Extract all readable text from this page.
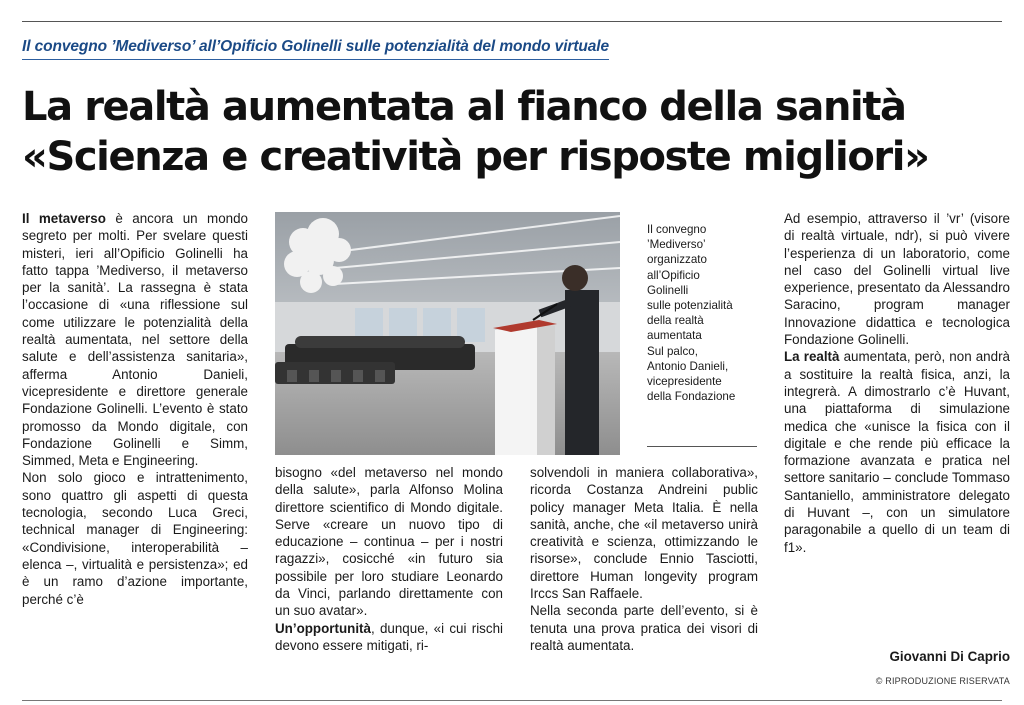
Il convegno ’Mediverso’ all’Opificio Golinelli sulle potenzialità del mondo virtuale
La realtà aumentata al fianco della sanità
«Scienza e creatività per risposte migliori»

Il metaverso è ancora un mondo segreto per molti. Per svelare questi misteri, ieri all’Opificio Golinelli ha fatto tappa ’Mediverso, il metaverso per la sanità’. La rassegna è stata l’occasione di «una riflessione sul come utilizzare le potenzialità della realtà aumentata, nel settore della salute e dell’assistenza sanitaria», afferma Antonio Danieli, vicepresidente e direttore generale Fondazione Golinelli. L’evento è stato promosso da Mondo digitale, con Fondazione Golinelli e Simm, Simmed, Meta e Engineering.

Non solo gioco e intrattenimento, sono quattro gli aspetti di questa tecnologia, secondo Luca Greci, technical manager di Engineering: «Condivisione, interoperabilità – elenca –, virtualità e persistenza»; ed è un ramo d’azione importante, perché c’è

Il convegno
’Mediverso’
organizzato
all’Opificio
Golinelli
sulle potenzialità
della realtà
aumentata
Sul palco,
Antonio Danieli,
vicepresidente
della Fondazione

bisogno «del metaverso nel mondo della salute», parla Alfonso Molina direttore scientifico di Mondo digitale. Serve «creare un nuovo tipo di educazione – continua – per i nostri ragazzi», cosicché «in futuro sia possibile per loro studiare Leonardo da Vinci, parlando direttamente con un suo avatar».

Un’opportunità, dunque, «i cui rischi devono essere mitigati, ri-

solvendoli in maniera collaborativa», ricorda Costanza Andreini public policy manager Meta Italia. È nella sanità, anche, che «il metaverso unirà creatività e scienza, ottimizzando le risorse», conclude Ennio Tasciotti, direttore Human longevity program Irccs San Raffaele.

Nella seconda parte dell’evento, si è tenuta una prova pratica dei visori di realtà aumentata.

Ad esempio, attraverso il ’vr’ (visore di realtà virtuale, ndr), si può vivere l’esperienza di un laboratorio, come nel caso del Golinelli virtual live experience, presentato da Alessandro Saracino, program manager Innovazione didattica e tecnologica Fondazione Golinelli.

La realtà aumentata, però, non andrà a sostituire la realtà fisica, anzi, la integrerà. A dimostrarlo c’è Huvant, una piattaforma di simulazione medica che «unisce la fisica con il digitale e che rende più efficace la formazione avanzata e pratica nel settore sanitario – conclude Tommaso Santaniello, amministratore delegato di Huvant –, con un simulatore paragonabile a quello di un team di f1».

Giovanni Di Caprio
© RIPRODUZIONE RISERVATA
